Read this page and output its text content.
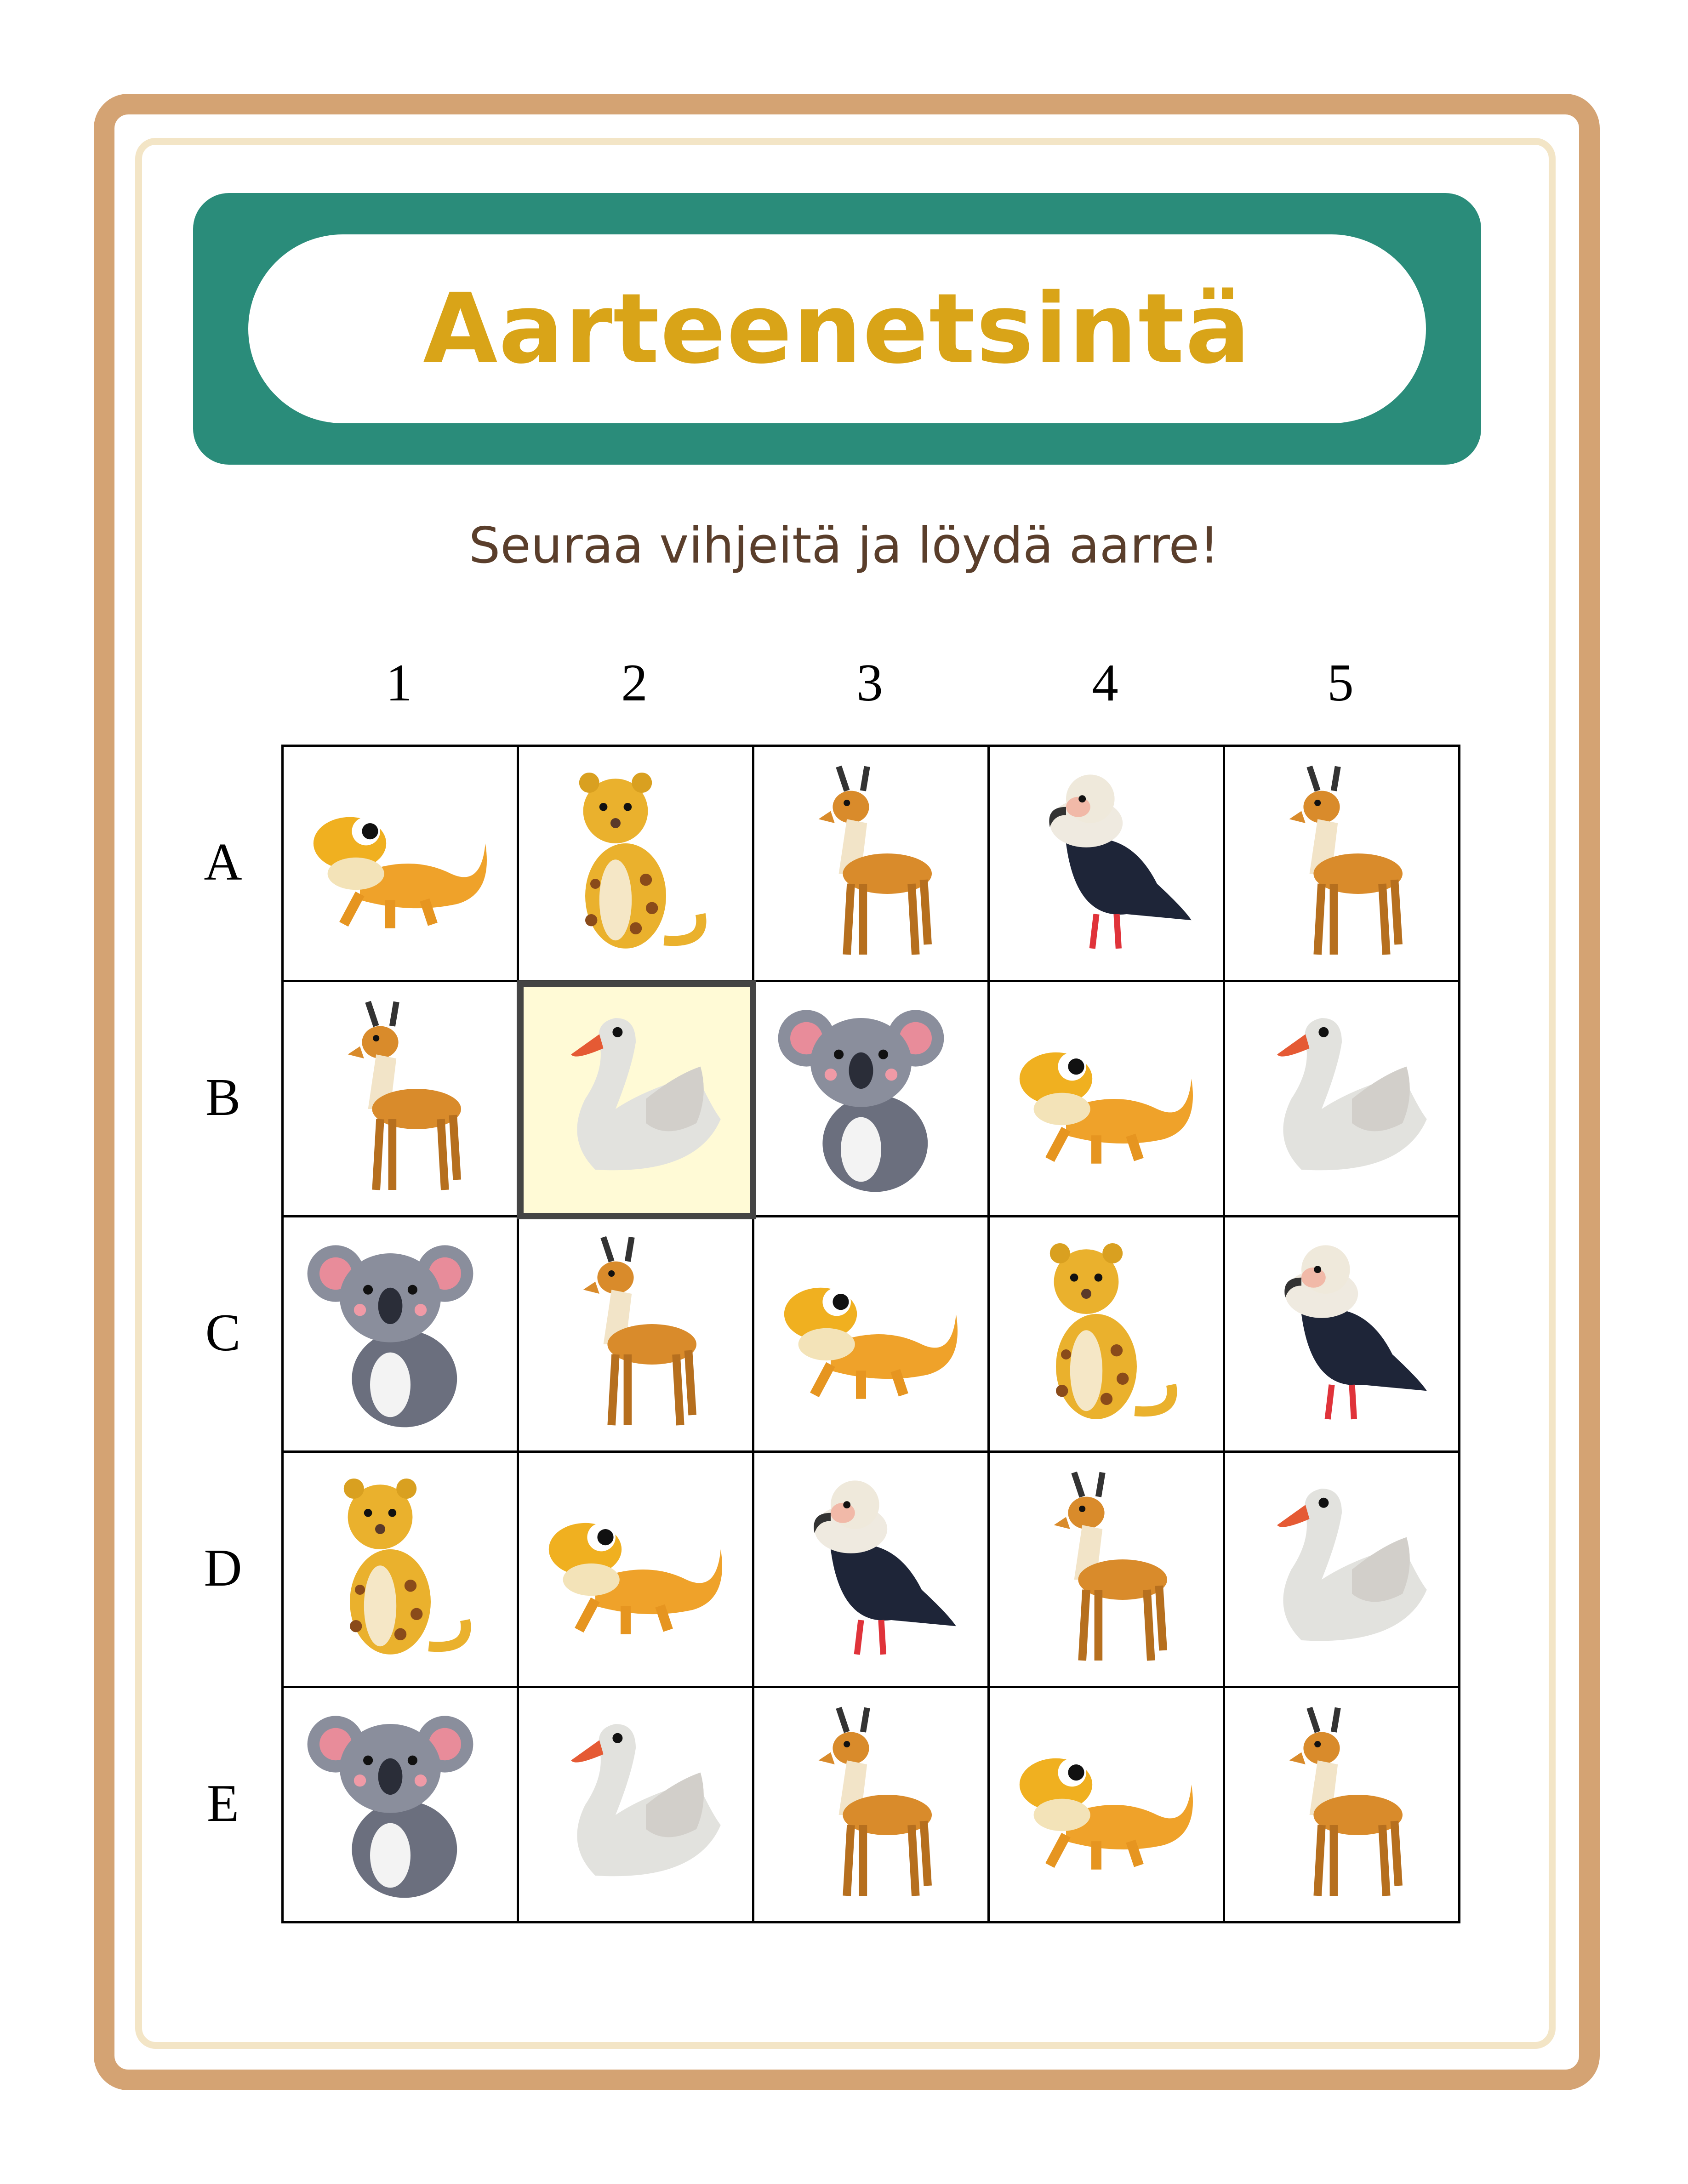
Aarteenetsintä
Seuraa vihjeitä ja löydä aarre!
1	2	3	4	5
A
B
C
D
E
